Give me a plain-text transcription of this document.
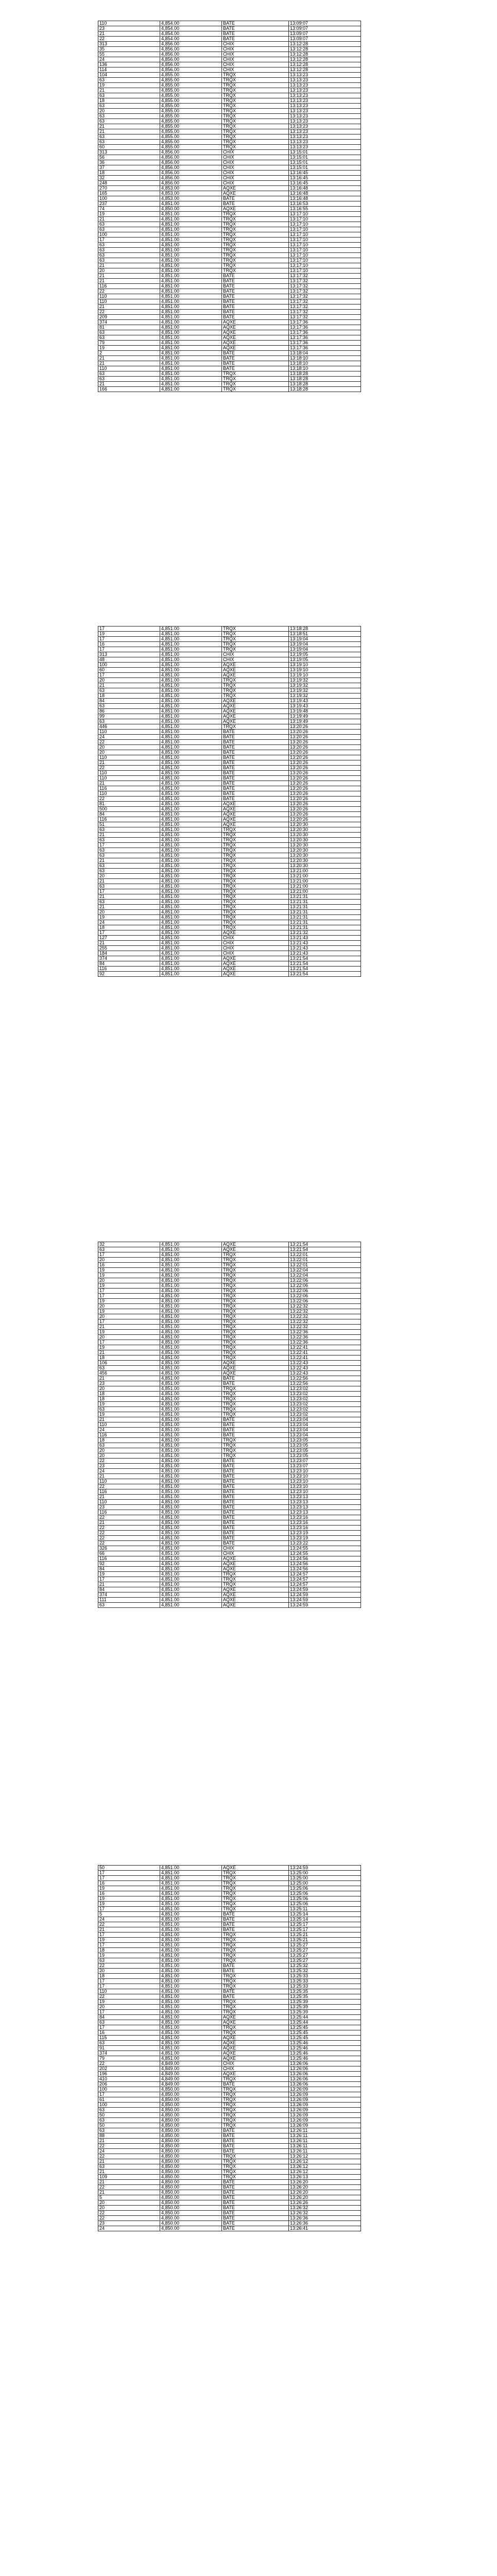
110	4,854.00	BATE	13:09:07
23	4,854.00	BATE	13:09:07
21	4,854.00	BATE	13:09:07
22	4,854.00	BATE	13:09:07
313	4,856.00	CHIX	13:12:28
35	4,856.00	CHIX	13:12:28
55	4,856.00	CHIX	13:12:28
24	4,856.00	CHIX	13:12:28
136	4,856.00	CHIX	13:12:28
114	4,856.00	CHIX	13:12:28
104	4,855.00	TRQX	13:13:23
63	4,855.00	TRQX	13:13:23
19	4,855.00	TRQX	13:13:23
21	4,855.00	TRQX	13:13:23
63	4,855.00	TRQX	13:13:23
18	4,855.00	TRQX	13:13:23
63	4,855.00	TRQX	13:13:23
20	4,855.00	TRQX	13:13:23
63	4,855.00	TRQX	13:13:23
63	4,855.00	TRQX	13:13:23
21	4,855.00	TRQX	13:13:23
21	4,855.00	TRQX	13:13:23
63	4,855.00	TRQX	13:13:23
63	4,855.00	TRQX	13:13:23
60	4,855.00	TRQX	13:13:23
313	4,856.00	CHIX	13:15:01
56	4,856.00	CHIX	13:15:01
36	4,856.00	CHIX	13:15:01
37	4,856.00	CHIX	13:15:01
18	4,856.00	CHIX	13:16:45
32	4,856.00	CHIX	13:16:45
248	4,856.00	CHIX	13:16:45
270	4,853.00	AQXE	13:16:48
165	4,853.00	AQXE	13:16:48
100	4,853.00	BATE	13:16:48
237	4,851.00	BATE	13:16:53
74	4,850.00	AQXE	13:16:55
19	4,851.00	TRQX	13:17:10
21	4,851.00	TRQX	13:17:10
63	4,851.00	TRQX	13:17:10
63	4,851.00	TRQX	13:17:10
100	4,851.00	TRQX	13:17:10
17	4,851.00	TRQX	13:17:10
63	4,851.00	TRQX	13:17:10
63	4,851.00	TRQX	13:17:10
63	4,851.00	TRQX	13:17:10
63	4,851.00	TRQX	13:17:10
21	4,851.00	TRQX	13:17:10
20	4,851.00	TRQX	13:17:10
21	4,851.00	BATE	13:17:32
21	4,851.00	BATE	13:17:32
116	4,851.00	BATE	13:17:32
22	4,851.00	BATE	13:17:32
110	4,851.00	BATE	13:17:32
110	4,851.00	BATE	13:17:32
21	4,851.00	BATE	13:17:32
22	4,851.00	BATE	13:17:32
209	4,851.00	BATE	13:17:32
374	4,851.00	AQXE	13:17:36
81	4,851.00	AQXE	13:17:36
63	4,851.00	AQXE	13:17:36
63	4,851.00	AQXE	13:17:36
79	4,851.00	AQXE	13:17:36
19	4,851.00	AQXE	13:17:36
2	4,851.00	BATE	13:18:04
21	4,851.00	BATE	13:18:10
21	4,851.00	BATE	13:18:10
110	4,851.00	BATE	13:18:10
63	4,851.00	TRQX	13:18:28
63	4,851.00	TRQX	13:18:28
21	4,851.00	TRQX	13:18:28
166	4,851.00	TRQX	13:18:28
17	4,851.00	TRQX	13:18:28
19	4,851.00	TRQX	13:18:51
17	4,851.00	TRQX	13:19:04
16	4,851.00	TRQX	13:19:04
17	4,851.00	TRQX	13:19:04
313	4,851.00	CHIX	13:19:05
48	4,851.00	CHIX	13:19:05
100	4,851.00	AQXE	13:19:10
60	4,851.00	AQXE	13:19:10
17	4,851.00	AQXE	13:19:10
20	4,851.00	TRQX	13:19:32
21	4,851.00	TRQX	13:19:32
63	4,851.00	TRQX	13:19:32
18	4,851.00	TRQX	13:19:32
84	4,851.00	AQXE	13:19:43
63	4,851.00	AQXE	13:19:43
86	4,851.00	AQXE	13:19:48
99	4,851.00	AQXE	13:19:49
63	4,851.00	AQXE	13:19:49
446	4,851.00	TRQX	13:20:26
110	4,851.00	BATE	13:20:26
24	4,851.00	BATE	13:20:26
22	4,851.00	BATE	13:20:26
20	4,851.00	BATE	13:20:26
20	4,851.00	BATE	13:20:26
110	4,851.00	BATE	13:20:26
21	4,851.00	BATE	13:20:26
22	4,851.00	BATE	13:20:26
110	4,851.00	BATE	13:20:26
110	4,851.00	BATE	13:20:26
21	4,851.00	BATE	13:20:26
116	4,851.00	BATE	13:20:26
110	4,851.00	BATE	13:20:26
22	4,851.00	BATE	13:20:26
81	4,851.00	AQXE	13:20:26
500	4,851.00	AQXE	13:20:26
84	4,851.00	AQXE	13:20:26
116	4,851.00	AQXE	13:20:26
51	4,851.00	AQXE	13:20:30
63	4,851.00	TRQX	13:20:30
21	4,851.00	TRQX	13:20:30
63	4,851.00	TRQX	13:20:30
17	4,851.00	TRQX	13:20:30
63	4,851.00	TRQX	13:20:30
63	4,851.00	TRQX	13:20:30
21	4,851.00	TRQX	13:20:30
63	4,851.00	TRQX	13:20:30
63	4,851.00	TRQX	13:21:00
20	4,851.00	TRQX	13:21:00
21	4,851.00	TRQX	13:21:00
63	4,851.00	TRQX	13:21:00
17	4,851.00	TRQX	13:21:00
21	4,851.00	TRQX	13:21:31
63	4,851.00	TRQX	13:21:31
21	4,851.00	TRQX	13:21:31
20	4,851.00	TRQX	13:21:31
19	4,851.00	TRQX	13:21:31
24	4,851.00	TRQX	13:21:31
18	4,851.00	TRQX	13:21:31
17	4,851.00	AQXE	13:21:32
127	4,851.00	CHIX	13:21:43
21	4,851.00	CHIX	13:21:43
255	4,851.00	CHIX	13:21:43
184	4,851.00	CHIX	13:21:43
374	4,851.00	AQXE	13:21:54
84	4,851.00	AQXE	13:21:54
116	4,851.00	AQXE	13:21:54
92	4,851.00	AQXE	13:21:54
32	4,851.00	AQXE	13:21:54
63	4,851.00	AQXE	13:21:54
17	4,851.00	TRQX	13:22:01
20	4,851.00	TRQX	13:22:01
16	4,851.00	TRQX	13:22:01
19	4,851.00	TRQX	13:22:04
19	4,851.00	TRQX	13:22:04
20	4,851.00	TRQX	13:22:06
19	4,851.00	TRQX	13:22:06
17	4,851.00	TRQX	13:22:06
17	4,851.00	TRQX	13:22:06
19	4,851.00	TRQX	13:22:06
20	4,851.00	TRQX	13:22:32
19	4,851.00	TRQX	13:22:32
20	4,851.00	TRQX	13:22:32
17	4,851.00	TRQX	13:22:32
21	4,851.00	TRQX	13:22:32
19	4,851.00	TRQX	13:22:36
20	4,851.00	TRQX	13:22:36
17	4,851.00	TRQX	13:22:36
19	4,851.00	TRQX	13:22:41
21	4,851.00	TRQX	13:22:41
18	4,851.00	TRQX	13:22:41
106	4,851.00	AQXE	13:22:43
63	4,851.00	AQXE	13:22:43
456	4,851.00	AQXE	13:22:43
21	4,851.00	BATE	13:22:56
23	4,851.00	BATE	13:22:56
20	4,851.00	TRQX	13:23:02
18	4,851.00	TRQX	13:23:02
18	4,851.00	TRQX	13:23:02
19	4,851.00	TRQX	13:23:02
63	4,851.00	TRQX	13:23:02
19	4,851.00	TRQX	13:23:02
21	4,851.00	BATE	13:23:04
110	4,851.00	BATE	13:23:04
24	4,851.00	BATE	13:23:04
116	4,851.00	BATE	13:23:04
18	4,851.00	TRQX	13:23:05
63	4,851.00	TRQX	13:23:05
20	4,851.00	TRQX	13:23:05
20	4,851.00	TRQX	13:23:05
22	4,851.00	BATE	13:23:07
23	4,851.00	BATE	13:23:07
24	4,851.00	BATE	13:23:10
21	4,851.00	BATE	13:23:10
110	4,851.00	BATE	13:23:10
22	4,851.00	BATE	13:23:10
116	4,851.00	BATE	13:23:10
21	4,851.00	BATE	13:23:13
110	4,851.00	BATE	13:23:13
23	4,851.00	BATE	13:23:13
116	4,851.00	BATE	13:23:13
22	4,851.00	BATE	13:23:16
21	4,851.00	BATE	13:23:16
22	4,851.00	BATE	13:23:16
22	4,851.00	BATE	13:23:19
22	4,851.00	BATE	13:23:19
22	4,851.00	BATE	13:23:22
326	4,851.00	CHIX	13:24:55
66	4,851.00	CHIX	13:24:55
116	4,851.00	AQXE	13:24:56
92	4,851.00	AQXE	13:24:56
84	4,851.00	AQXE	13:24:56
19	4,851.00	TRQX	13:24:57
17	4,851.00	TRQX	13:24:57
21	4,851.00	TRQX	13:24:57
84	4,851.00	AQXE	13:24:59
374	4,851.00	AQXE	13:24:59
111	4,851.00	AQXE	13:24:59
63	4,851.00	AQXE	13:24:59
50	4,851.00	AQXE	13:24:59
17	4,851.00	TRQX	13:25:00
17	4,851.00	TRQX	13:25:00
16	4,851.00	TRQX	13:25:00
19	4,851.00	TRQX	13:25:06
16	4,851.00	TRQX	13:25:06
19	4,851.00	TRQX	13:25:06
19	4,851.00	TRQX	13:25:06
17	4,851.00	TRQX	13:25:11
5	4,851.00	BATE	13:25:14
24	4,851.00	BATE	13:25:14
22	4,851.00	BATE	13:25:17
21	4,851.00	BATE	13:25:17
17	4,851.00	TRQX	13:25:21
19	4,851.00	TRQX	13:25:21
17	4,851.00	TRQX	13:25:27
18	4,851.00	TRQX	13:25:27
19	4,851.00	TRQX	13:25:27
63	4,851.00	TRQX	13:25:27
22	4,851.00	BATE	13:25:32
20	4,851.00	BATE	13:25:32
18	4,851.00	TRQX	13:25:33
17	4,851.00	TRQX	13:25:33
17	4,851.00	TRQX	13:25:33
110	4,851.00	BATE	13:25:35
22	4,851.00	BATE	13:25:35
19	4,851.00	TRQX	13:25:39
20	4,851.00	TRQX	13:25:39
17	4,851.00	TRQX	13:25:39
84	4,851.00	AQXE	13:25:44
63	4,851.00	AQXE	13:25:44
17	4,851.00	TRQX	13:25:45
16	4,851.00	TRQX	13:25:45
115	4,851.00	AQXE	13:25:45
63	4,851.00	AQXE	13:25:46
91	4,851.00	AQXE	13:25:46
374	4,851.00	AQXE	13:25:46
79	4,851.00	AQXE	13:25:46
22	4,849.00	CHIX	13:26:06
202	4,849.00	CHIX	13:26:06
196	4,849.00	AQXE	13:26:06
410	4,849.00	TRQX	13:26:06
206	4,849.00	BATE	13:26:06
100	4,850.00	TRQX	13:26:09
17	4,850.00	TRQX	13:26:09
61	4,850.00	TRQX	13:26:09
100	4,850.00	TRQX	13:26:09
63	4,850.00	TRQX	13:26:09
50	4,850.00	TRQX	13:26:09
63	4,850.00	TRQX	13:26:09
50	4,850.00	TRQX	13:26:09
63	4,850.00	BATE	13:26:11
88	4,850.00	BATE	13:26:11
21	4,850.00	BATE	13:26:11
22	4,850.00	BATE	13:26:11
24	4,850.00	BATE	13:26:11
22	4,850.00	TRQX	13:26:12
21	4,850.00	TRQX	13:26:12
63	4,850.00	TRQX	13:26:12
21	4,850.00	TRQX	13:26:12
109	4,850.00	TRQX	13:26:13
21	4,850.00	BATE	13:26:20
22	4,850.00	BATE	13:26:20
21	4,850.00	BATE	13:26:20
5	4,850.00	BATE	13:26:20
20	4,850.00	BATE	13:26:26
20	4,850.00	BATE	13:26:32
22	4,850.00	BATE	13:26:32
22	4,850.00	BATE	13:26:36
23	4,850.00	BATE	13:26:36
24	4,850.00	BATE	13:26:41
